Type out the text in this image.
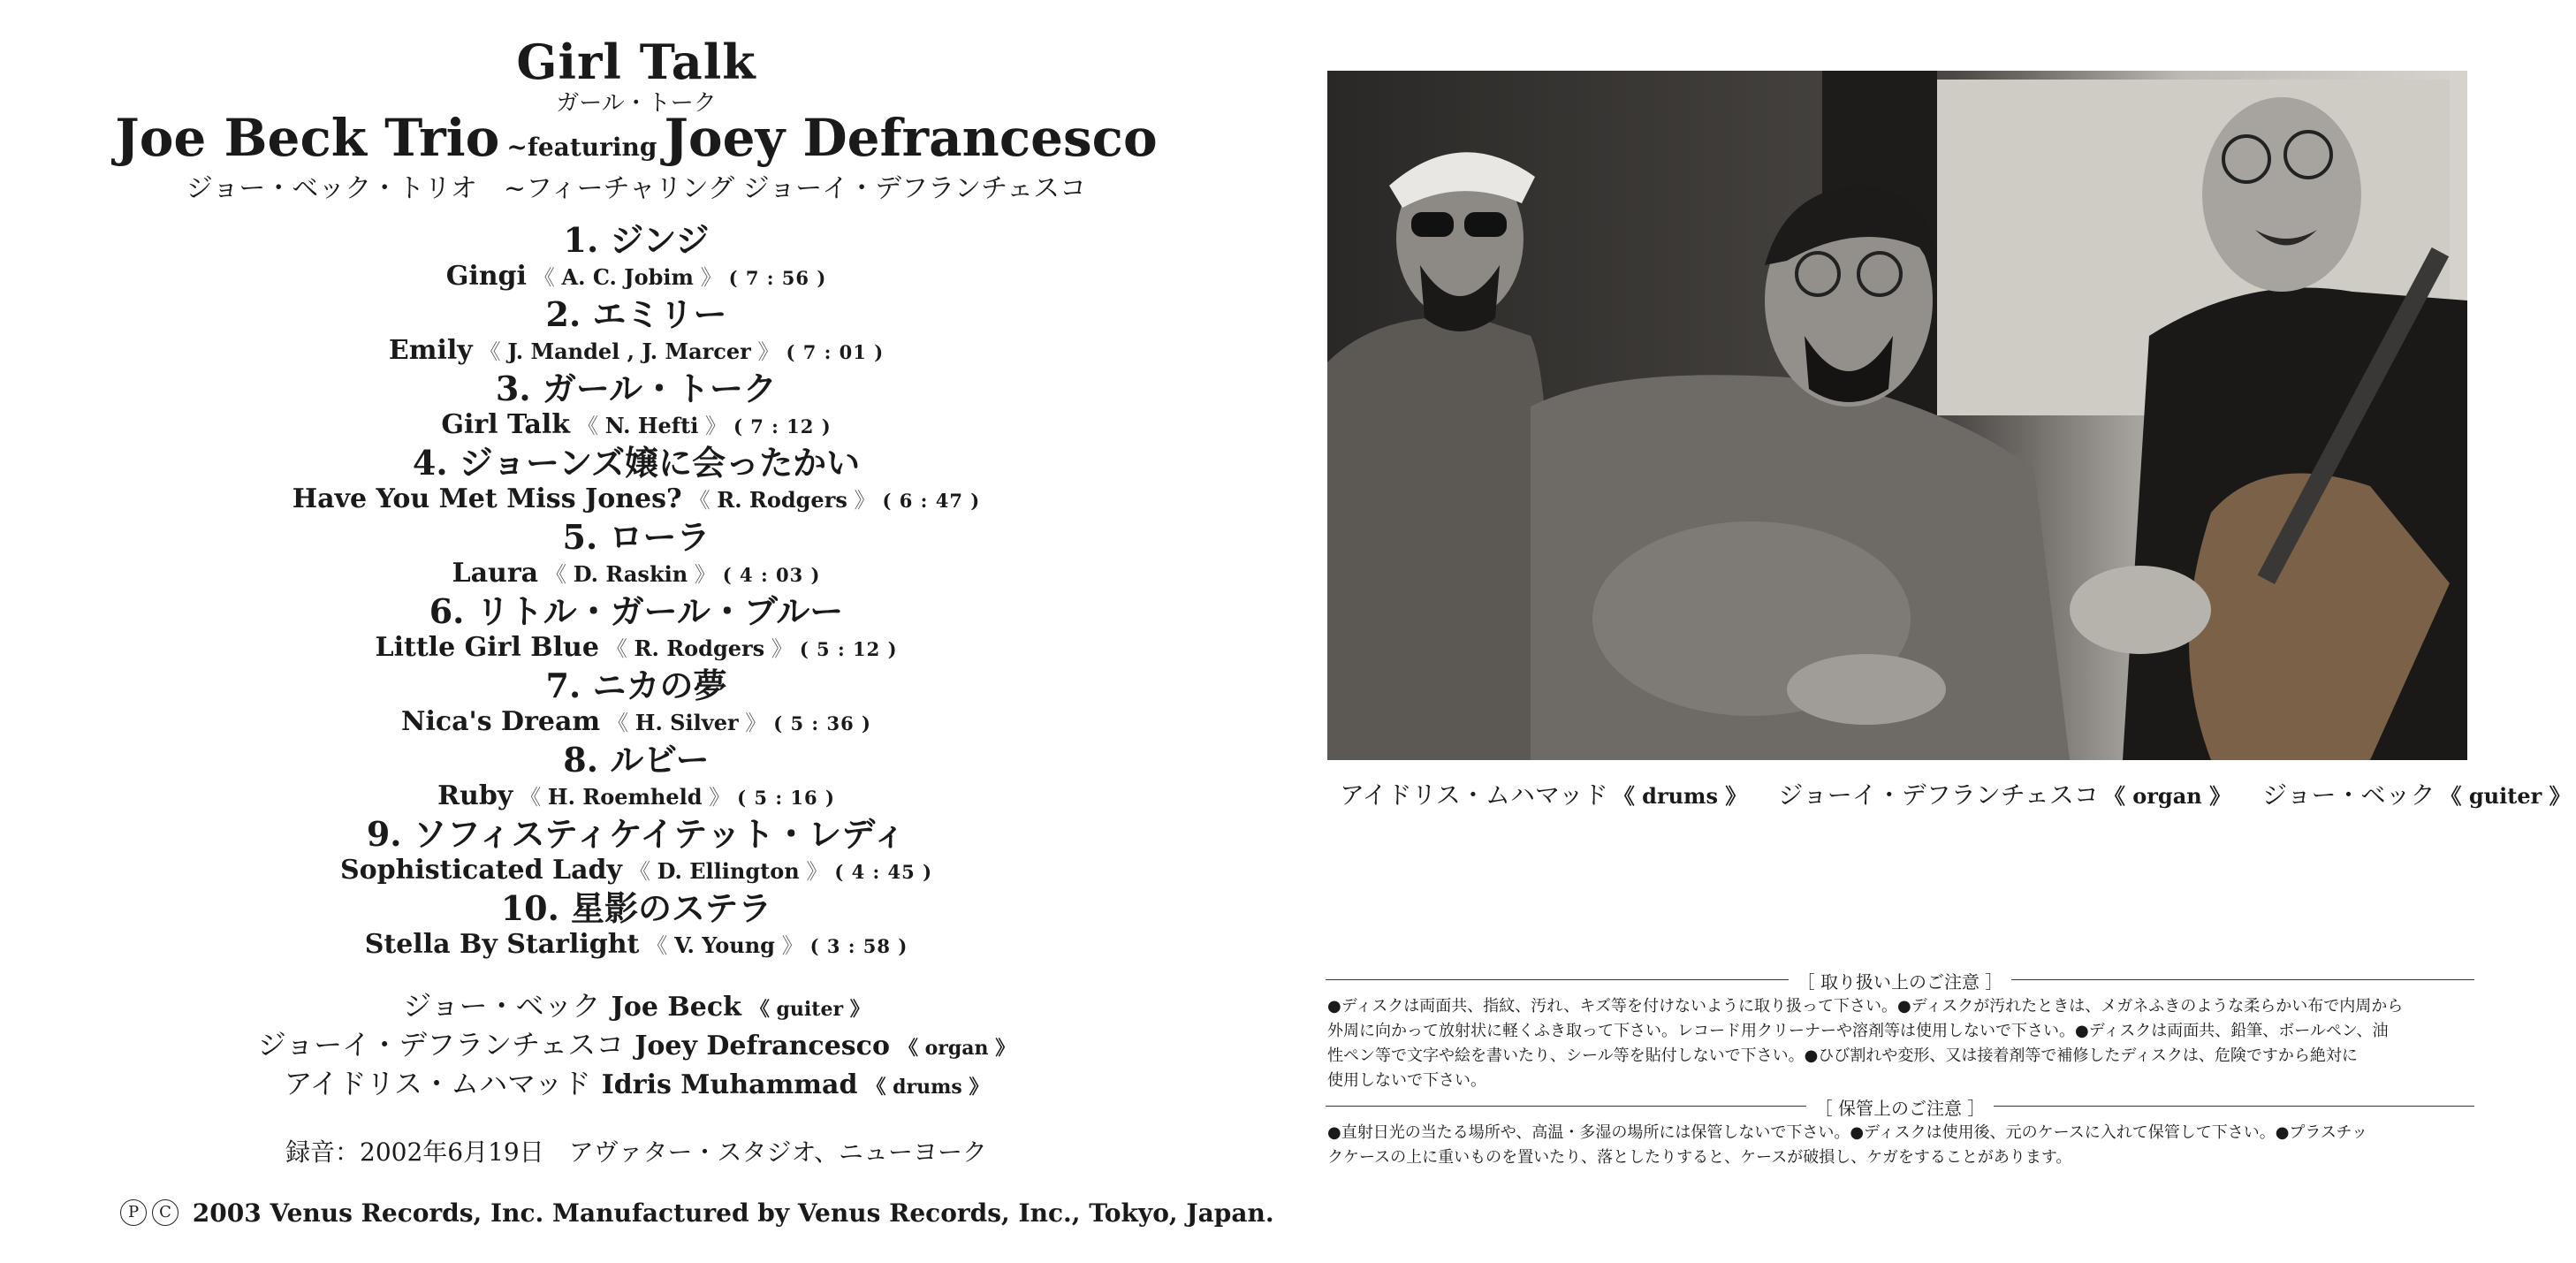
Girl Talk
ガール・トーク
Joe Beck Trio ~featuring Joey Defrancesco
ジョー・ベック・トリオ ~フィーチャリング ジョーイ・デフランチェスコ
1. ジンジ
Gingi 《 A. C. Jobim 》 ( 7 : 56 )
2. エミリー
Emily 《 J. Mandel , J. Marcer 》 ( 7 : 01 )
3. ガール・トーク
Girl Talk 《 N. Hefti 》 ( 7 : 12 )
4. ジョーンズ嬢に会ったかい
Have You Met Miss Jones? 《 R. Rodgers 》 ( 6 : 47 )
5. ローラ
Laura 《 D. Raskin 》 ( 4 : 03 )
6. リトル・ガール・ブルー
Little Girl Blue 《 R. Rodgers 》 ( 5 : 12 )
7. ニカの夢
Nica's Dream 《 H. Silver 》 ( 5 : 36 )
8. ルビー
Ruby 《 H. Roemheld 》 ( 5 : 16 )
9. ソフィスティケイテット・レディ
Sophisticated Lady 《 D. Ellington 》 ( 4 : 45 )
10. 星影のステラ
Stella By Starlight 《 V. Young 》 ( 3 : 58 )
ジョー・ベック Joe Beck 《 guiter 》
ジョーイ・デフランチェスコ Joey Defrancesco 《 organ 》
アイドリス・ムハマッド Idris Muhammad 《 drums 》
録音：2002年6月19日 アヴァター・スタジオ、ニューヨーク
P C 2003 Venus Records, Inc. Manufactured by Venus Records, Inc., Tokyo, Japan.
アイドリス・ムハマッド 《 drums 》 ジョーイ・デフランチェスコ 《 organ 》 ジョー・ベック 《 guiter 》
［ 取り扱い上のご注意 ］
●ディスクは両面共、指紋、汚れ、キズ等を付けないように取り扱って下さい。●ディスクが汚れたときは、メガネふきのような柔らかい布で内周から
外周に向かって放射状に軽くふき取って下さい。レコード用クリーナーや溶剤等は使用しないで下さい。●ディスクは両面共、鉛筆、ボールペン、油
性ペン等で文字や絵を書いたり、シール等を貼付しないで下さい。●ひび割れや変形、又は接着剤等で補修したディスクは、危険ですから絶対に
使用しないで下さい。
［ 保管上のご注意 ］
●直射日光の当たる場所や、高温・多湿の場所には保管しないで下さい。●ディスクは使用後、元のケースに入れて保管して下さい。●プラスチッ
クケースの上に重いものを置いたり、落としたりすると、ケースが破損し、ケガをすることがあります。
